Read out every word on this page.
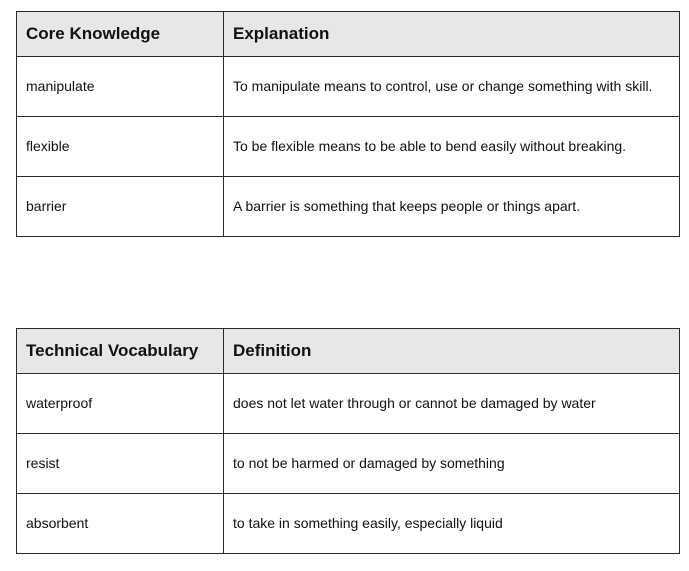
Core Knowledge	Explanation
manipulate	To manipulate means to control, use or change something with skill.
flexible	To be flexible means to be able to bend easily without breaking.
barrier	A barrier is something that keeps people or things apart.
Technical Vocabulary	Definition
waterproof	does not let water through or cannot be damaged by water
resist	to not be harmed or damaged by something
absorbent	to take in something easily, especially liquid
